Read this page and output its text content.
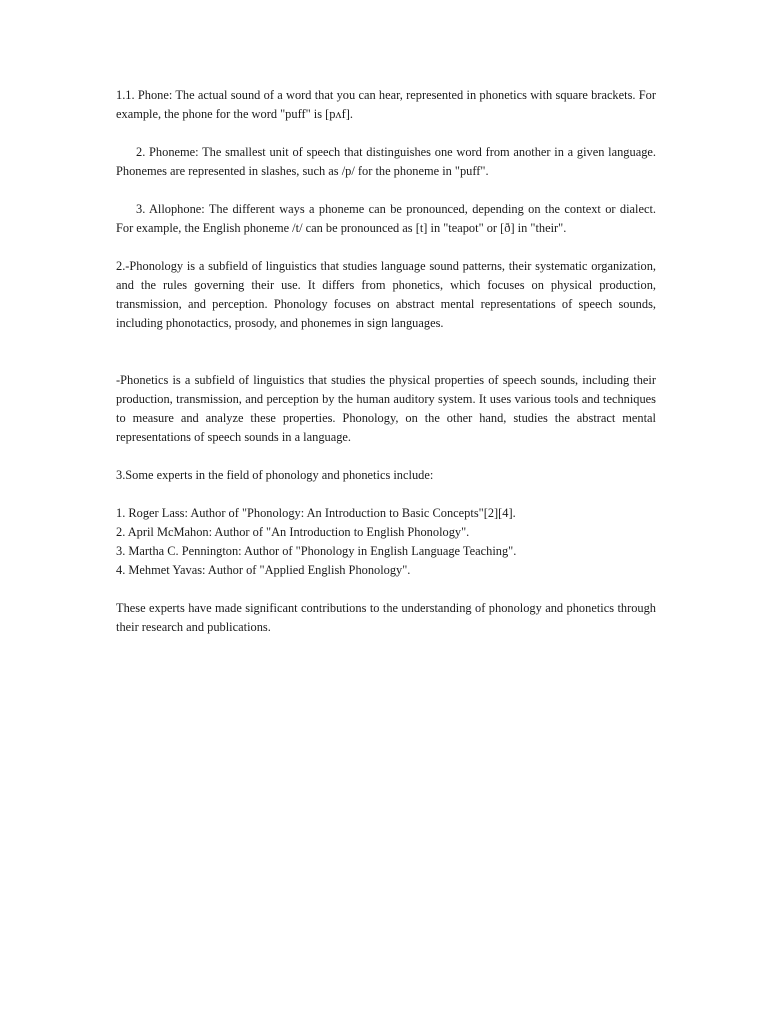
1.1. Phone: The actual sound of a word that you can hear, represented in phonetics with square brackets. For example, the phone for the word "puff" is [pʌf].

2. Phoneme: The smallest unit of speech that distinguishes one word from another in a given language. Phonemes are represented in slashes, such as /p/ for the phoneme in "puff".

3. Allophone: The different ways a phoneme can be pronounced, depending on the context or dialect. For example, the English phoneme /t/ can be pronounced as [t] in "teapot" or [ð] in "their".

2.-Phonology is a subfield of linguistics that studies language sound patterns, their systematic organization, and the rules governing their use. It differs from phonetics, which focuses on physical production, transmission, and perception. Phonology focuses on abstract mental representations of speech sounds, including phonotactics, prosody, and phonemes in sign languages.

-Phonetics is a subfield of linguistics that studies the physical properties of speech sounds, including their production, transmission, and perception by the human auditory system. It uses various tools and techniques to measure and analyze these properties. Phonology, on the other hand, studies the abstract mental representations of speech sounds in a language.

3.Some experts in the field of phonology and phonetics include:

1. Roger Lass: Author of "Phonology: An Introduction to Basic Concepts"[2][4].

2. April McMahon: Author of "An Introduction to English Phonology".

3. Martha C. Pennington: Author of "Phonology in English Language Teaching".

4. Mehmet Yavas: Author of "Applied English Phonology".

These experts have made significant contributions to the understanding of phonology and phonetics through their research and publications.
